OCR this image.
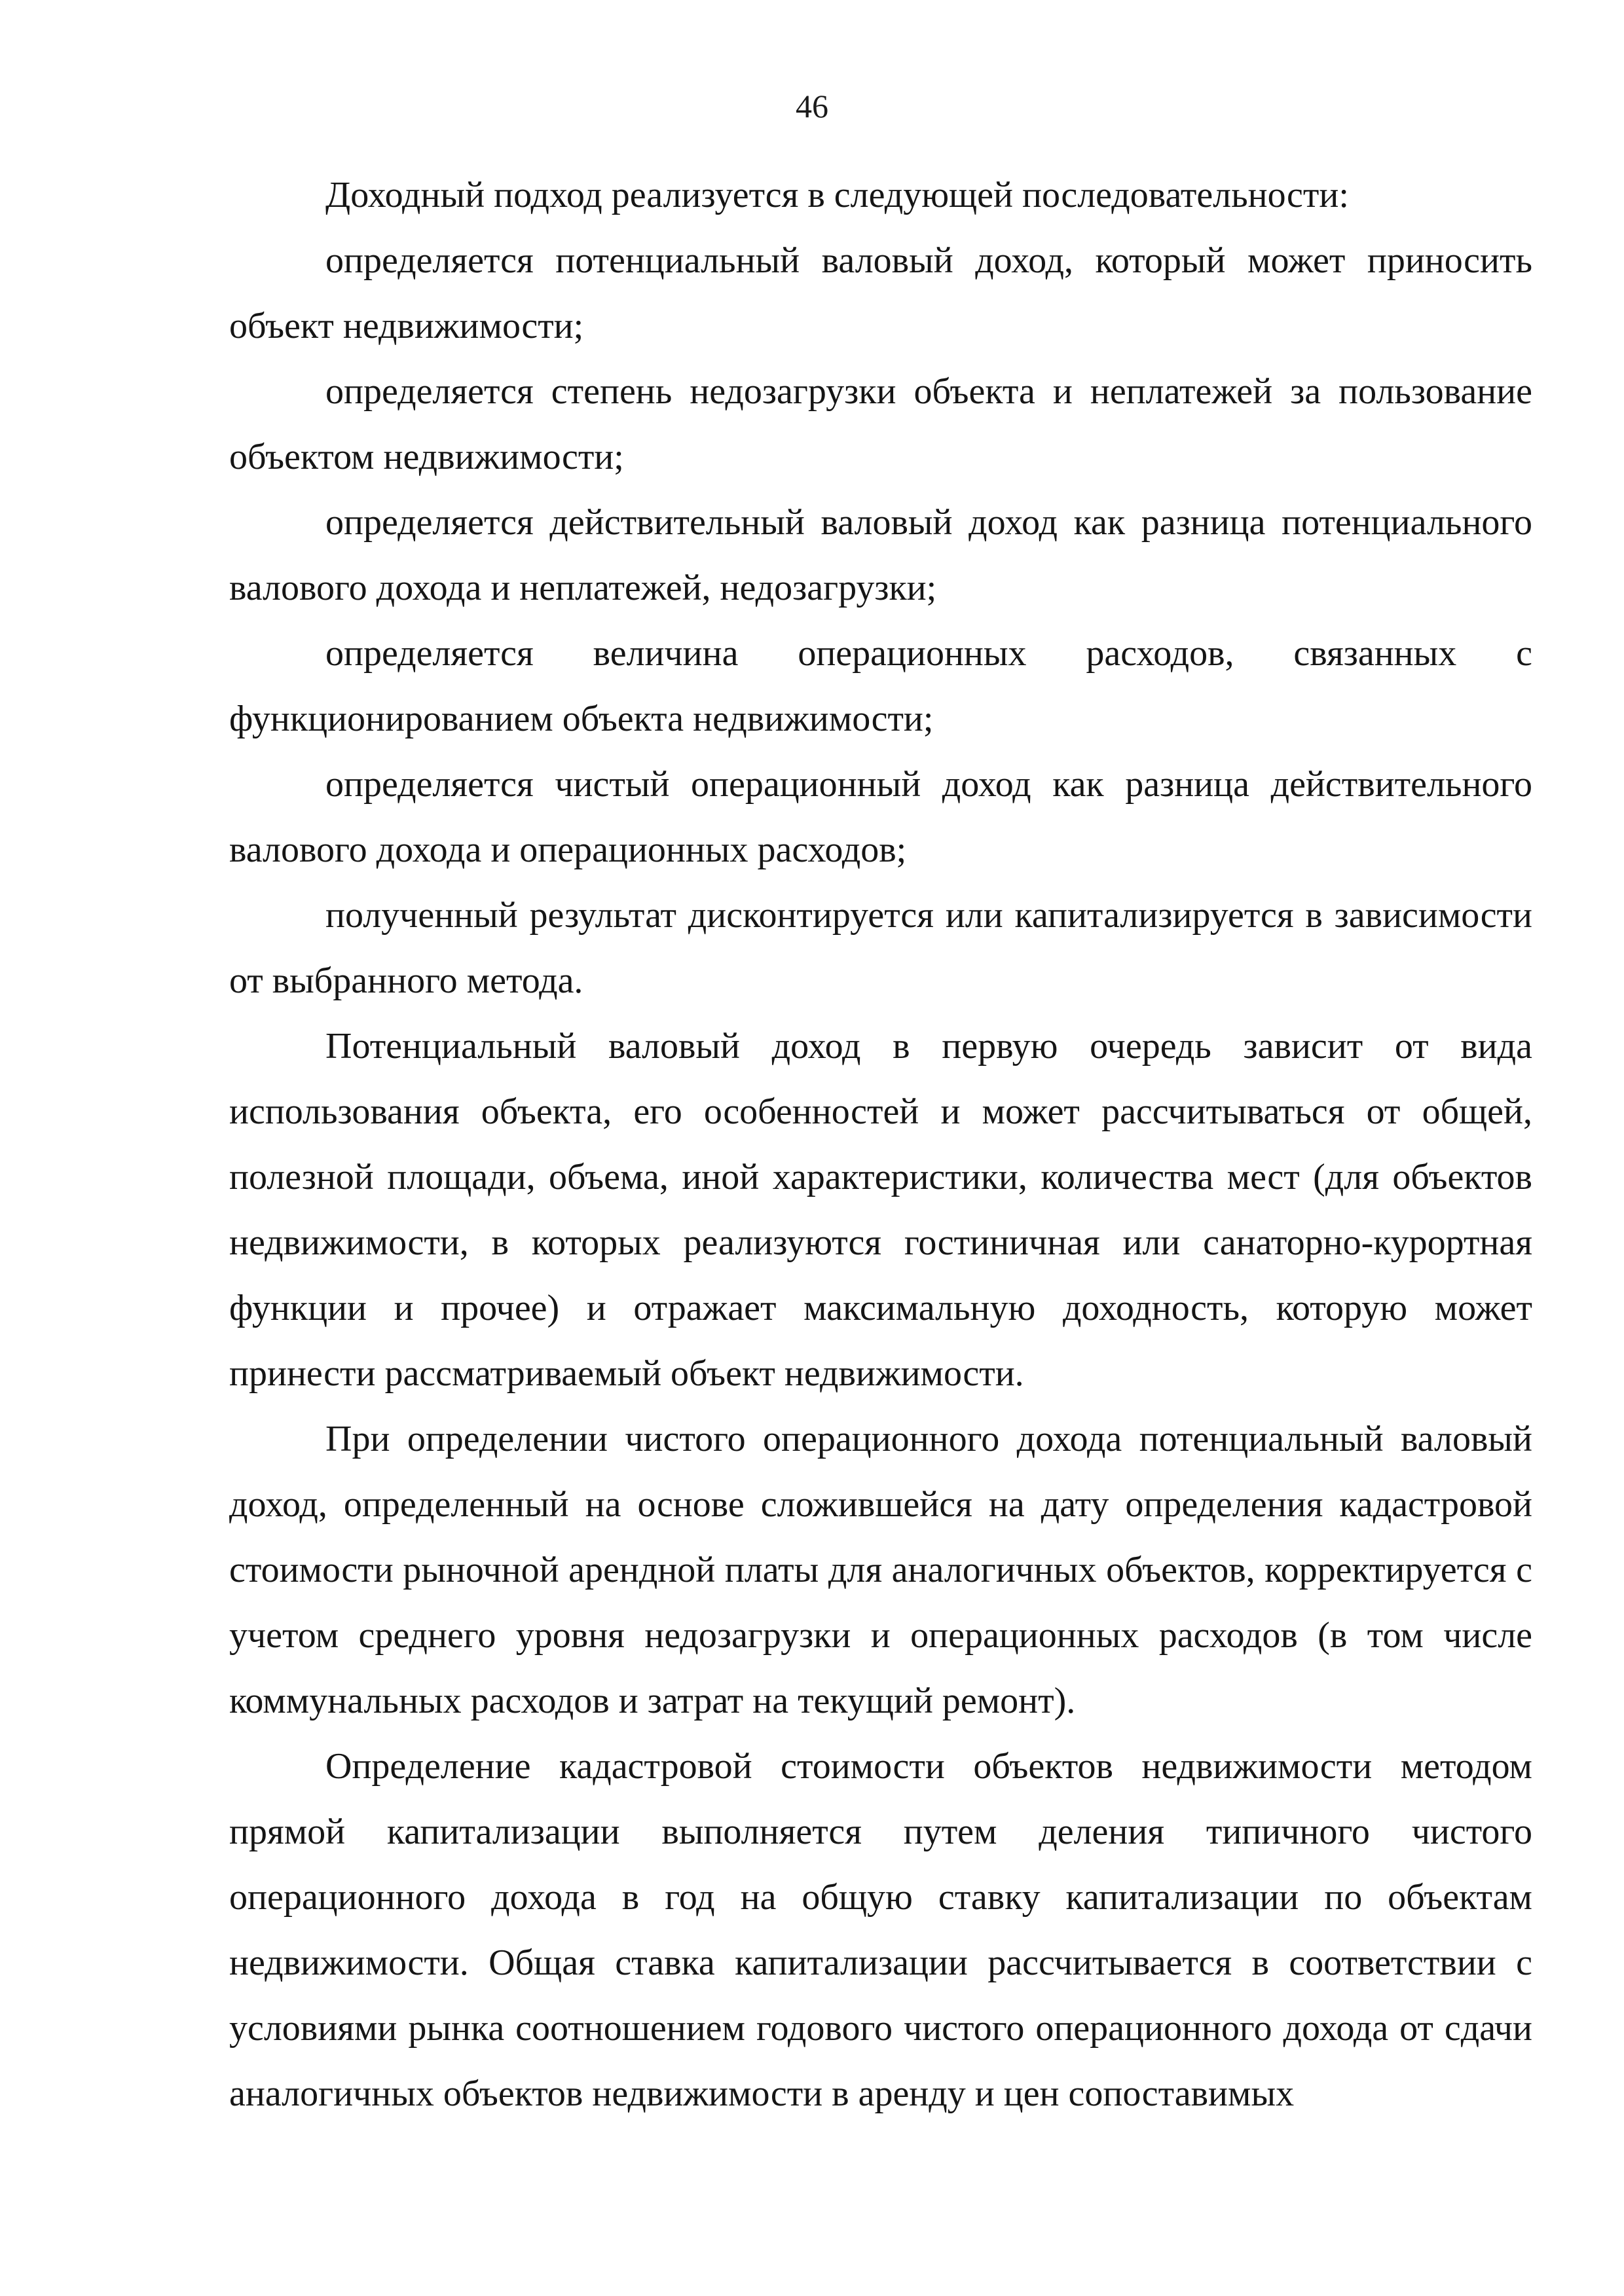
46

Доходный подход реализуется в следующей последовательности:

определяется потенциальный валовый доход, который может приносить объект недвижимости;

определяется степень недозагрузки объекта и неплатежей за пользование объектом недвижимости;

определяется действительный валовый доход как разница потенциального валового дохода и неплатежей, недозагрузки;

определяется величина операционных расходов, связанных с функционированием объекта недвижимости;

определяется чистый операционный доход как разница действительного валового дохода и операционных расходов;

полученный результат дисконтируется или капитализируется в зависимости от выбранного метода.

Потенциальный валовый доход в первую очередь зависит от вида использования объекта, его особенностей и может рассчитываться от общей, полезной площади, объема, иной характеристики, количества мест (для объектов недвижимости, в которых реализуются гостиничная или санаторно-курортная функции и прочее) и отражает максимальную доходность, которую может принести рассматриваемый объект недвижимости.

При определении чистого операционного дохода потенциальный валовый доход, определенный на основе сложившейся на дату определения кадастровой стоимости рыночной арендной платы для аналогичных объектов, корректируется с учетом среднего уровня недозагрузки и операционных расходов (в том числе коммунальных расходов и затрат на текущий ремонт).

Определение кадастровой стоимости объектов недвижимости методом прямой капитализации выполняется путем деления типичного чистого операционного дохода в год на общую ставку капитализации по объектам недвижимости. Общая ставка капитализации рассчитывается в соответствии с условиями рынка соотношением годового чистого операционного дохода от сдачи аналогичных объектов недвижимости в аренду и цен сопоставимых
